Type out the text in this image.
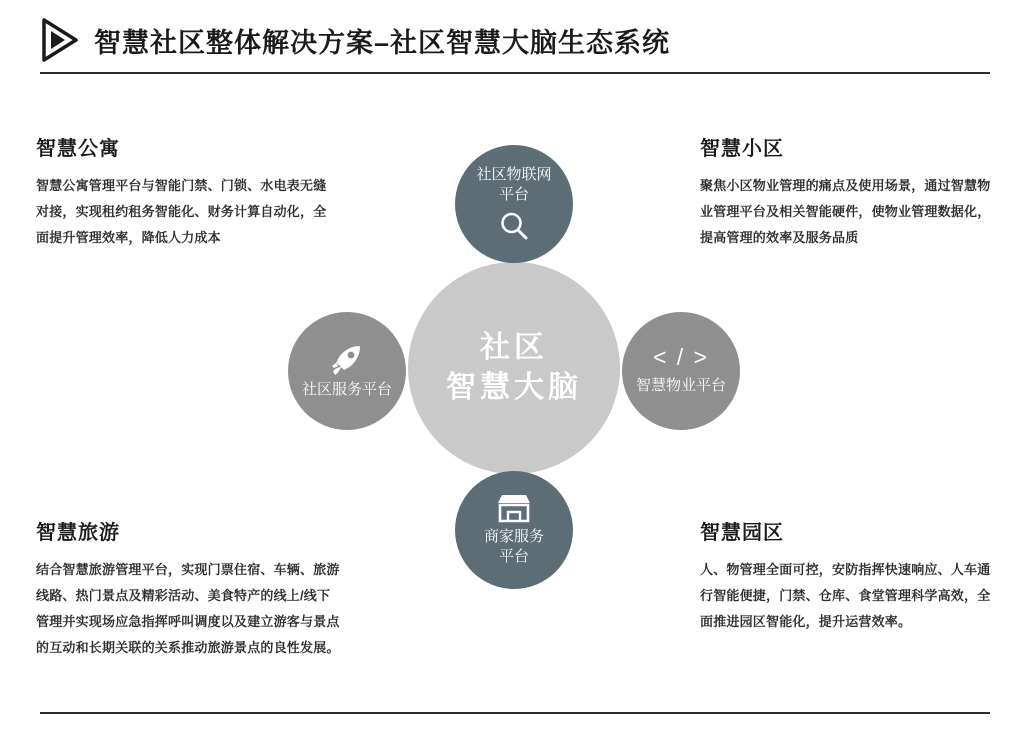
智慧社区整体解决方案–社区智慧大脑生态系统
社区
智慧大脑
社区物联网
平台
社区服务平台
< / >
智慧物业平台
商家服务
平台
智慧公寓
智慧公寓管理平台与智能门禁、门锁、水电表无缝对接，实现租约租务智能化、财务计算自动化，全面提升管理效率，降低人力成本
智慧小区
聚焦小区物业管理的痛点及使用场景，通过智慧物业管理平台及相关智能硬件，使物业管理数据化，提高管理的效率及服务品质
智慧旅游
结合智慧旅游管理平台，实现门票住宿、车辆、旅游线路、热门景点及精彩活动、美食特产的线上/线下管理并实现场应急指挥呼叫调度以及建立游客与景点的互动和长期关联的关系推动旅游景点的良性发展。
智慧园区
人、物管理全面可控，安防指挥快速响应、人车通行智能便捷，门禁、仓库、食堂管理科学高效，全面推进园区智能化，提升运营效率。
